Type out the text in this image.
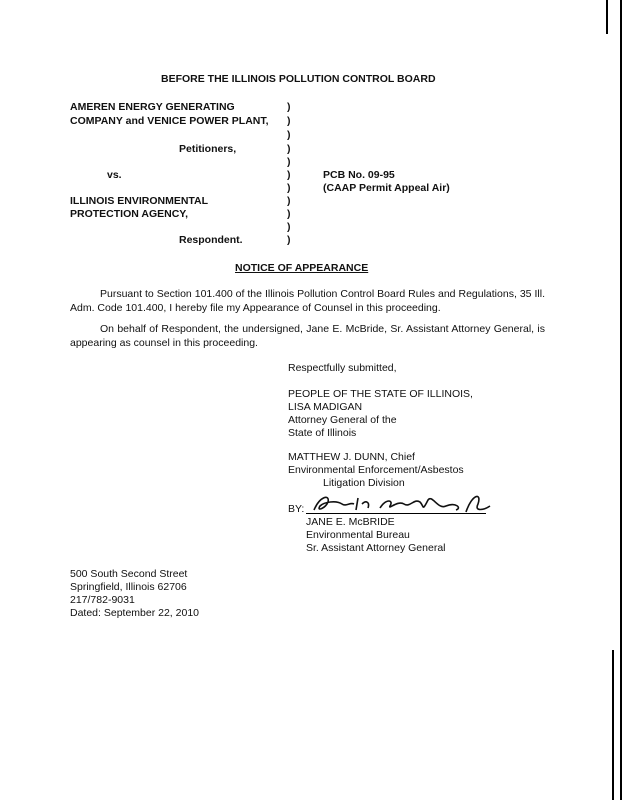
BEFORE THE ILLINOIS POLLUTION CONTROL BOARD
AMEREN ENERGY GENERATING
COMPANY and VENICE POWER PLANT,
Petitioners,
vs.
ILLINOIS ENVIRONMENTAL
PROTECTION AGENCY,
Respondent.
)
)
)
)
)
)
)
)
)
)
)
PCB No. 09-95
(CAAP Permit Appeal Air)
NOTICE OF APPEARANCE
Pursuant to Section 101.400 of the Illinois Pollution Control Board Rules and Regulations, 35 Ill. Adm. Code 101.400, I hereby file my Appearance of Counsel in this proceeding.
On behalf of Respondent, the undersigned, Jane E. McBride, Sr. Assistant Attorney General, is appearing as counsel in this proceeding.
Respectfully submitted,
PEOPLE OF THE STATE OF ILLINOIS,
LISA MADIGAN
Attorney General of the
State of Illinois
MATTHEW J. DUNN, Chief
Environmental Enforcement/Asbestos
Litigation Division
BY:
JANE E. McBRIDE
Environmental Bureau
Sr. Assistant Attorney General
500 South Second Street
Springfield, Illinois 62706
217/782-9031
Dated: September 22, 2010
